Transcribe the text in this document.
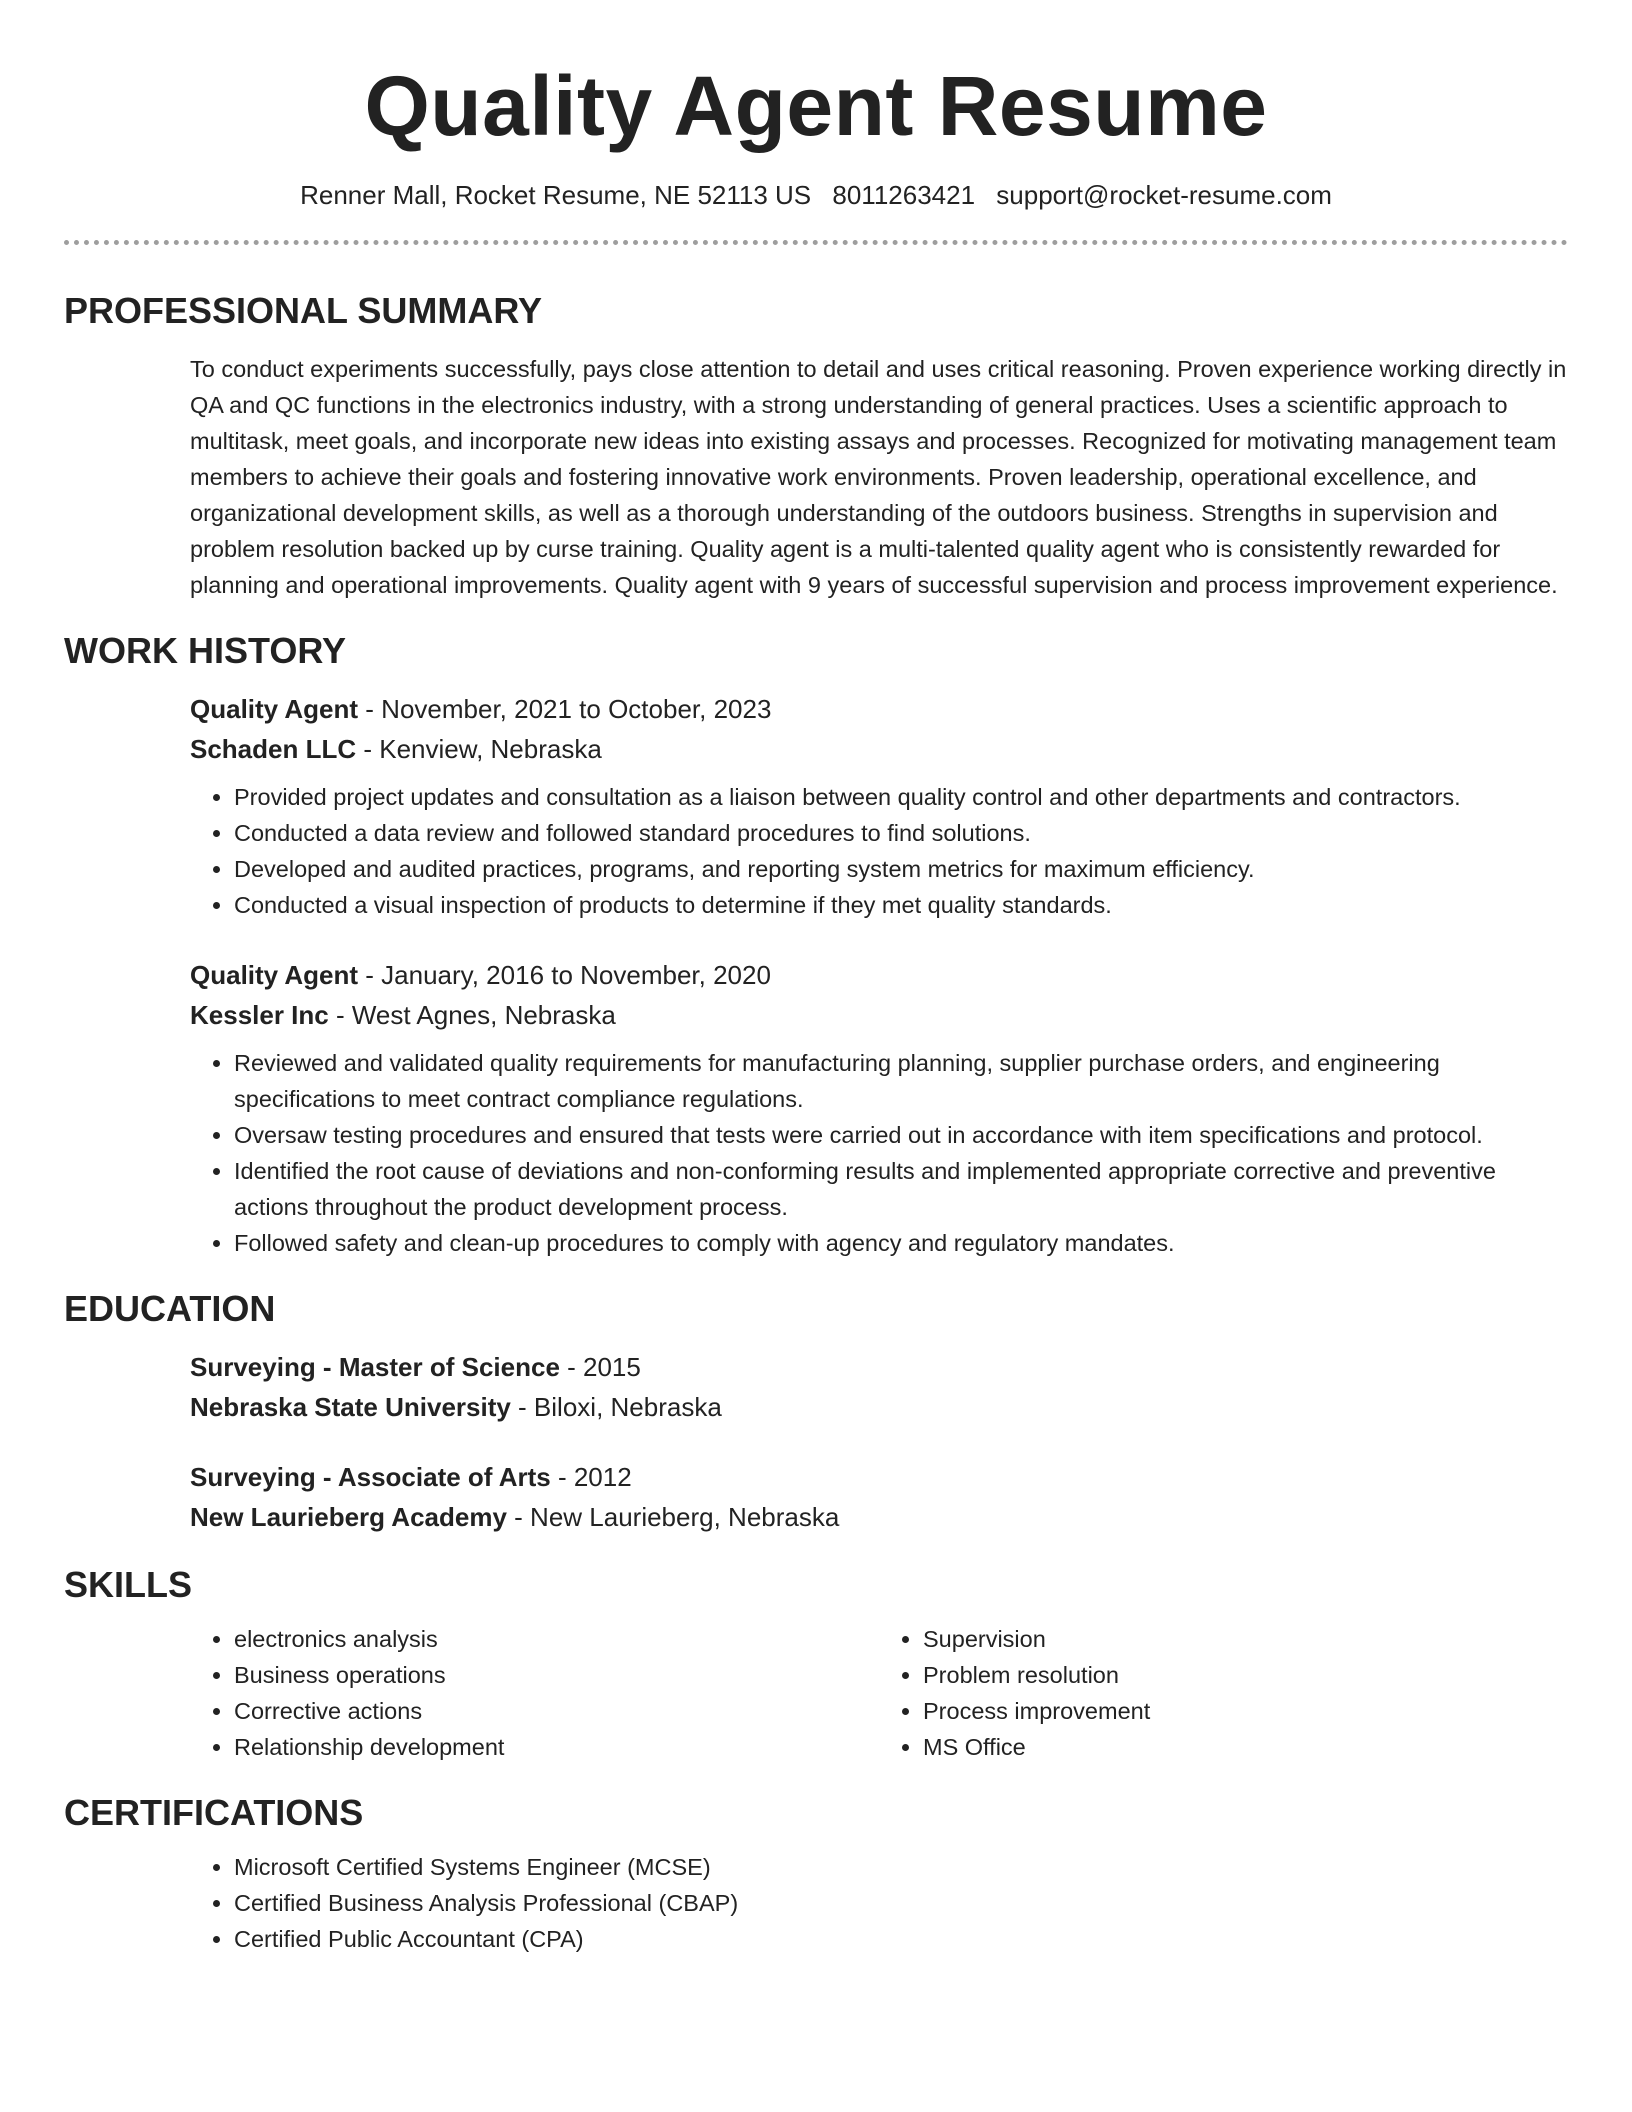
Quality Agent Resume
Renner Mall, Rocket Resume, NE 52113 US 8011263421 support@rocket-resume.com
PROFESSIONAL SUMMARY
To conduct experiments successfully, pays close attention to detail and uses critical reasoning. Proven experience working directly in QA and QC functions in the electronics industry, with a strong understanding of general practices. Uses a scientific approach to multitask, meet goals, and incorporate new ideas into existing assays and processes. Recognized for motivating management team members to achieve their goals and fostering innovative work environments. Proven leadership, operational excellence, and organizational development skills, as well as a thorough understanding of the outdoors business. Strengths in supervision and problem resolution backed up by curse training. Quality agent is a multi-talented quality agent who is consistently rewarded for planning and operational improvements. Quality agent with 9 years of successful supervision and process improvement experience.
WORK HISTORY
Quality Agent - November, 2021 to October, 2023
Schaden LLC - Kenview, Nebraska
• Provided project updates and consultation as a liaison between quality control and other departments and contractors.
• Conducted a data review and followed standard procedures to find solutions.
• Developed and audited practices, programs, and reporting system metrics for maximum efficiency.
• Conducted a visual inspection of products to determine if they met quality standards.
Quality Agent - January, 2016 to November, 2020
Kessler Inc - West Agnes, Nebraska
• Reviewed and validated quality requirements for manufacturing planning, supplier purchase orders, and engineering specifications to meet contract compliance regulations.
• Oversaw testing procedures and ensured that tests were carried out in accordance with item specifications and protocol.
• Identified the root cause of deviations and non-conforming results and implemented appropriate corrective and preventive actions throughout the product development process.
• Followed safety and clean-up procedures to comply with agency and regulatory mandates.
EDUCATION
Surveying - Master of Science - 2015
Nebraska State University - Biloxi, Nebraska
Surveying - Associate of Arts - 2012
New Laurieberg Academy - New Laurieberg, Nebraska
SKILLS
• electronics analysis
• Business operations
• Corrective actions
• Relationship development
• Supervision
• Problem resolution
• Process improvement
• MS Office
CERTIFICATIONS
• Microsoft Certified Systems Engineer (MCSE)
• Certified Business Analysis Professional (CBAP)
• Certified Public Accountant (CPA)
